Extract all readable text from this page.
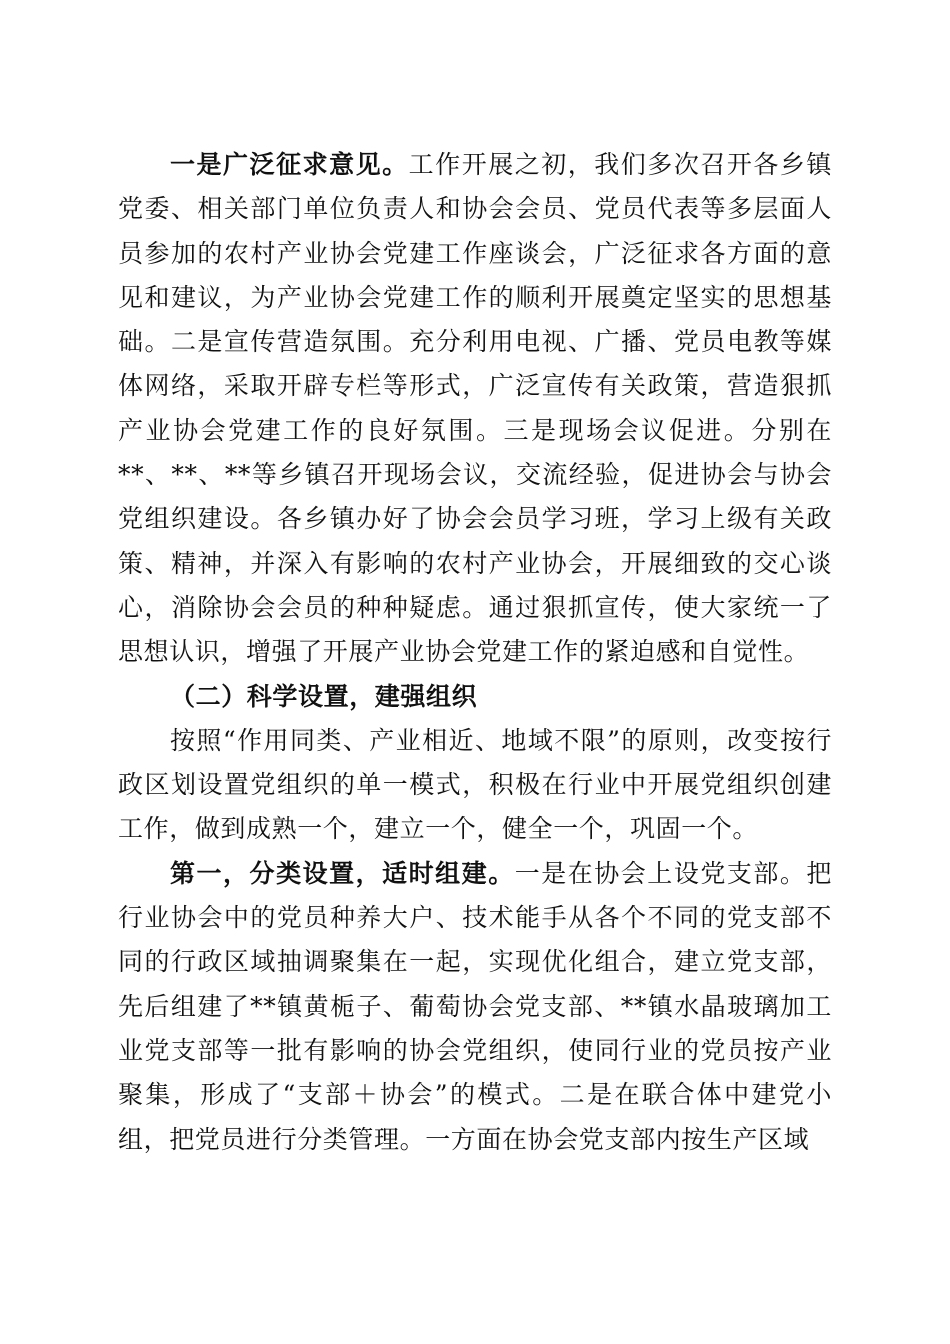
一是广泛征求意见。工作开展之初，我们多次召开各乡镇党委、相关部门单位负责人和协会会员、党员代表等多层面人员参加的农村产业协会党建工作座谈会，广泛征求各方面的意见和建议，为产业协会党建工作的顺利开展奠定坚实的思想基础。二是宣传营造氛围。充分利用电视、广播、党员电教等媒体网络，采取开辟专栏等形式，广泛宣传有关政策，营造狠抓产业协会党建工作的良好氛围。三是现场会议促进。分别在**、**、**等乡镇召开现场会议，交流经验，促进协会与协会党组织建设。各乡镇办好了协会会员学习班，学习上级有关政策、精神，并深入有影响的农村产业协会，开展细致的交心谈心，消除协会会员的种种疑虑。通过狠抓宣传，使大家统一了思想认识，增强了开展产业协会党建工作的紧迫感和自觉性。

（二）科学设置，建强组织

按照“作用同类、产业相近、地域不限”的原则，改变按行政区划设置党组织的单一模式，积极在行业中开展党组织创建工作，做到成熟一个，建立一个，健全一个，巩固一个。

第一，分类设置，适时组建。一是在协会上设党支部。把行业协会中的党员种养大户、技术能手从各个不同的党支部不同的行政区域抽调聚集在一起，实现优化组合，建立党支部，先后组建了**镇黄栀子、葡萄协会党支部、**镇水晶玻璃加工业党支部等一批有影响的协会党组织，使同行业的党员按产业聚集，形成了“支部＋协会”的模式。二是在联合体中建党小组，把党员进行分类管理。一方面在协会党支部内按生产区域
